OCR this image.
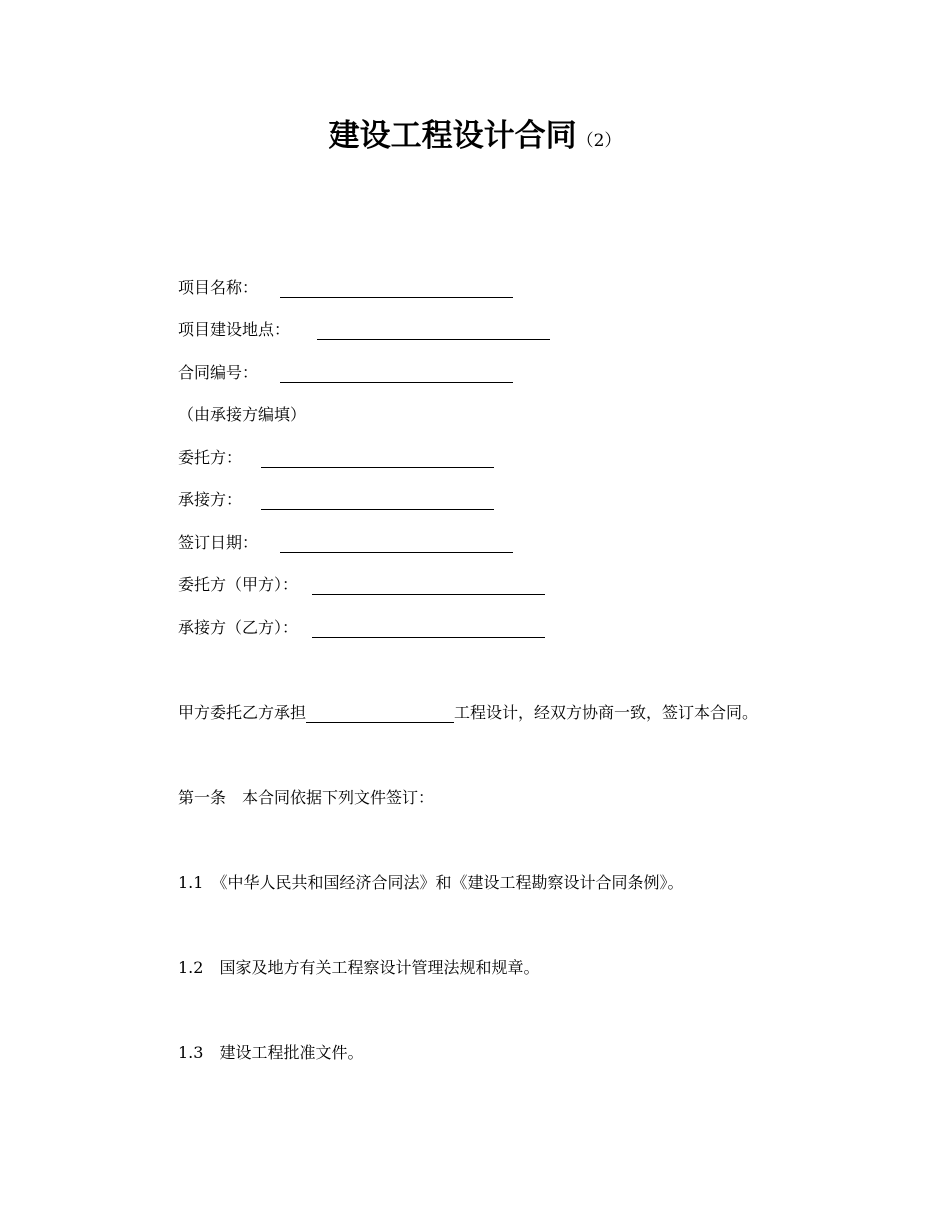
建设工程设计合同（2）
项目名称：
项目建设地点：
合同编号：
（由承接方编填）
委托方：
承接方：
签订日期：
委托方（甲方）：
承接方（乙方）：
甲方委托乙方承担	工程设计，经双方协商一致，签订本合同。
第一条　本合同依据下列文件签订：
1.1　《中华人民共和国经济合同法》和《建设工程勘察设计合同条例》。
1.2　国家及地方有关工程察设计管理法规和规章。
1.3　建设工程批准文件。
